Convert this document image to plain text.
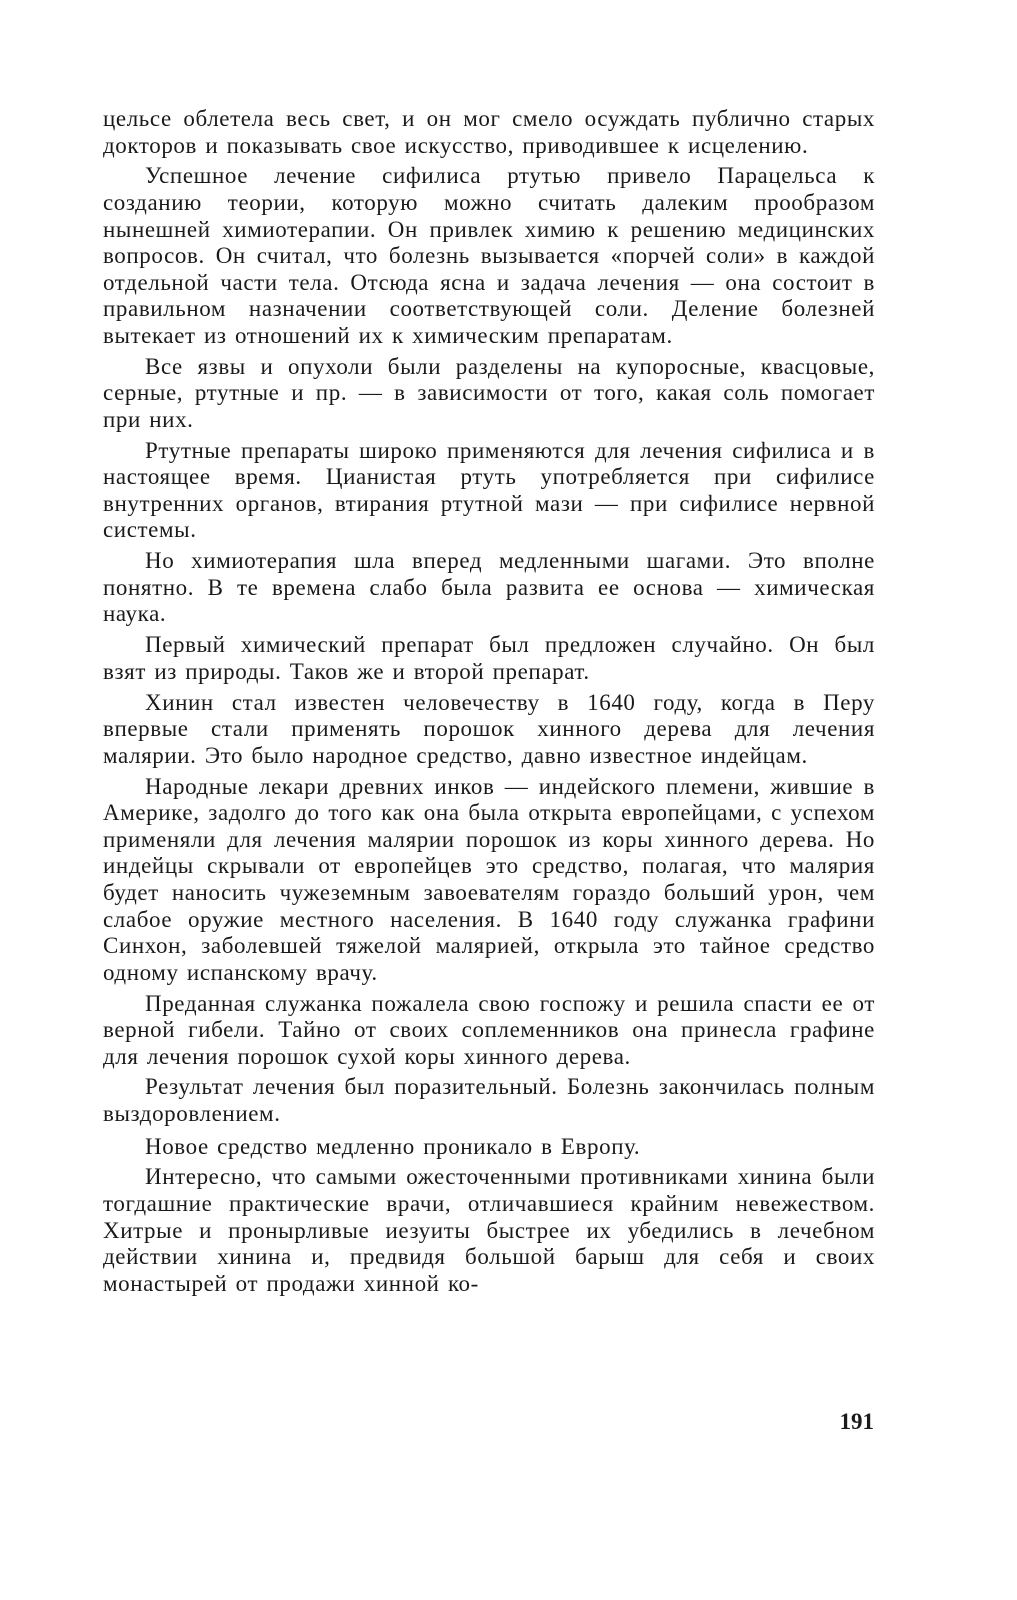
цельсе облетела весь свет, и он мог смело осуждать публично старых докторов и показывать свое искусство, приводившее к исцелению.

Успешное лечение сифилиса ртутью привело Парацельса к созданию теории, которую можно считать далеким прообразом нынешней химиотерапии. Он привлек химию к решению медицинских вопросов. Он считал, что болезнь вызывается «порчей соли» в каждой отдельной части тела. Отсюда ясна и задача лечения — она состоит в правильном назначении соответствующей соли. Деление болезней вытекает из отношений их к химическим препаратам.

Все язвы и опухоли были разделены на купоросные, квасцовые, серные, ртутные и пр. — в зависимости от того, какая соль помогает при них.

Ртутные препараты широко применяются для лечения сифилиса и в настоящее время. Цианистая ртуть употребляется при сифилисе внутренних органов, втирания ртутной мази — при сифилисе нервной системы.

Но химиотерапия шла вперед медленными шагами. Это вполне понятно. В те времена слабо была развита ее основа — химическая наука.

Первый химический препарат был предложен случайно. Он был взят из природы. Таков же и второй препарат.

Хинин стал известен человечеству в 1640 году, когда в Перу впервые стали применять порошок хинного дерева для лечения малярии. Это было народное средство, давно известное индейцам.

Народные лекари древних инков — индейского племени, жившие в Америке, задолго до того как она была открыта европейцами, с успехом применяли для лечения малярии порошок из коры хинного дерева. Но индейцы скрывали от европейцев это средство, полагая, что малярия будет наносить чужеземным завоевателям гораздо больший урон, чем слабое оружие местного населения. В 1640 году служанка графини Синхон, заболевшей тяжелой малярией, открыла это тайное средство одному испанскому врачу.

Преданная служанка пожалела свою госпожу и решила спасти ее от верной гибели. Тайно от своих соплеменников она принесла графине для лечения порошок сухой коры хинного дерева.

Результат лечения был поразительный. Болезнь закончилась полным выздоровлением.

Новое средство медленно проникало в Европу.

Интересно, что самыми ожесточенными противниками хинина были тогдашние практические врачи, отличавшиеся крайним невежеством. Хитрые и пронырливые иезуиты быстрее их убедились в лечебном действии хинина и, предвидя большой барыш для себя и своих монастырей от продажи хинной ко-

191
